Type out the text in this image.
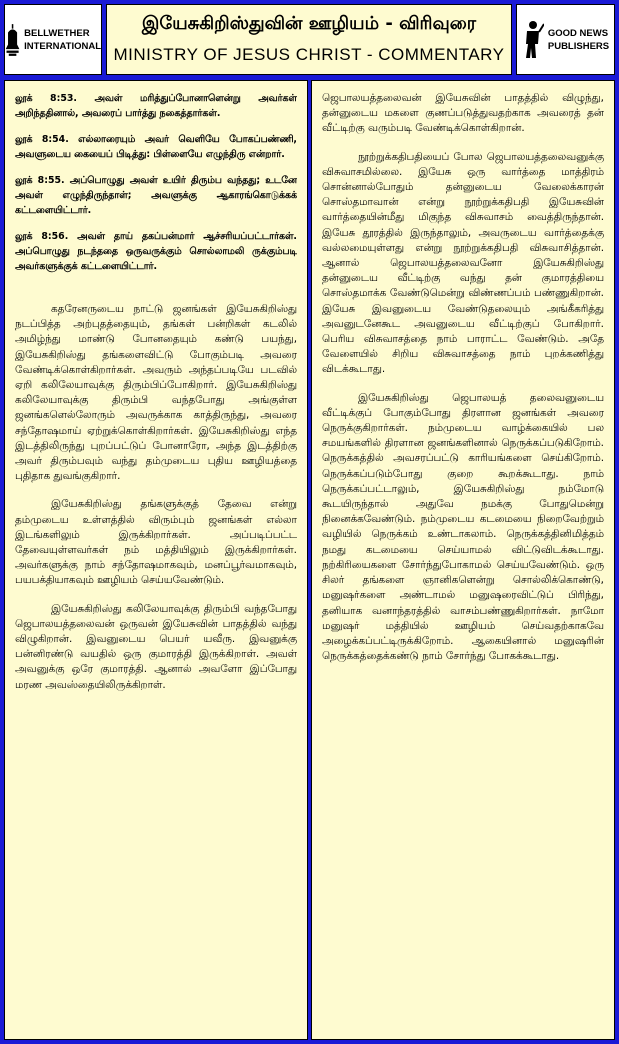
BELLWETHER
INTERNATIONAL
இயேசுகிறிஸ்துவின் ஊழியம் - விரிவுரை
MINISTRY OF JESUS CHRIST - COMMENTARY
GOOD NEWS
PUBLISHERS

லூக் 8:53. அவள் மரித்துப்போனாளென்று அவர்கள் அறிந்ததினால், அவரைப் பார்த்து நகைத்தார்கள்.

லூக் 8:54. எல்லாரையும் அவர் வெளியே போகப்பண்ணி, அவளுடைய கையைப் பிடித்து: பிள்ளையே எழுந்திரு என்றார்.

லூக் 8:55. அப்பொழுது அவள் உயிர் திரும்ப வந்தது; உடனே அவள் எழுந்திருந்தாள்; அவளுக்கு ஆகாரங்கொடுக்கக் கட்டளையிட்டார்.

லூக் 8:56. அவள் தாய் தகப்பன்மார் ஆச்சரியப்பட்டார்கள். அப்பொழுது நடந்ததை ஒருவருக்கும் சொல்லாமலி ருக்கும்படி அவர்களுக்குக் கட்டளையிட்டார்.

கதரேனருடைய நாட்டு ஜனங்கள் இயேசுகிறிஸ்து நடப்பித்த அற்புதத்தையும், தங்கள் பன்றிகள் கடலில் அமிழ்ந்து மாண்டு போனதையும் கண்டு பயந்து, இயேசுகிறிஸ்து தங்களைவிட்டு போகும்படி அவரை வேண்டிக்கொள்கிறார்கள். அவரும் அந்தப்படியே படவில் ஏறி கலிலேயாவுக்கு திரும்பிப்போகிறார். இயேசுகிறிஸ்து கலிலேயாவுக்கு திரும்பி வந்தபோது அங்குள்ள ஜனங்களெல்லோரும் அவருக்காக காத்திருந்து, அவரை சந்தோஷமாய் ஏற்றுக்கொள்கிறார்கள். இயேசுகிறிஸ்து எந்த இடத்திலிருந்து புறப்பட்டுப் போனாரோ, அந்த இடத்திற்கு அவர் திரும்பவும் வந்து தம்முடைய புதிய ஊழியத்தை புதிதாக துவங்குகிறார்.

இயேசுகிறிஸ்து தங்களுக்குத் தேவை என்று தம்முடைய உள்ளத்தில் விரும்பும் ஜனங்கள் எல்லா இடங்களிலும் இருக்கிறார்கள். அப்படிப்பட்ட தேவையுள்ளவர்கள் நம் மத்தியிலும் இருக்கிறார்கள். அவர்களுக்கு நாம் சந்தோஷமாகவும், மனப்பூர்வமாகவும், பயபக்தியாகவும் ஊழியம் செய்யவேண்டும்.

இயேசுகிறிஸ்து கலிலேயாவுக்கு திரும்பி வந்தபோது ஜெபாலயத்தலைவன் ஒருவன் இயேசுவின் பாதத்தில் வந்து விழுகிறான். இவனுடைய பெயர் யவீரு. இவனுக்கு பன்னிரண்டு வயதில் ஒரு குமாரத்தி இருக்கிறாள். அவள் அவனுக்கு ஒரே குமாரத்தி. ஆனால் அவளோ இப்போது மரண அவஸ்தையிலிருக்கிறாள்.

ஜெபாலயத்தலைவன் இயேசுவின் பாதத்தில் விழுந்து, தன்னுடைய மகளை குணப்படுத்துவதற்காக அவரைத் தன் வீட்டிற்கு வரும்படி வேண்டிக்கொள்கிறான்.

நூற்றுக்கதிபதியைப் போல ஜெபாலயத்தலைவனுக்கு விசுவாசமில்லை. இயேசு ஒரு வார்த்தை மாத்திரம் சொன்னால்போதும் தன்னுடைய வேலைக்காரன் சொஸ்தமாவான் என்று நூற்றுக்கதிபதி இயேசுவின் வார்த்தையின்மீது மிகுந்த விசுவாசம் வைத்திருந்தான். இயேசு தூரத்தில் இருந்தாலும், அவருடைய வார்த்தைக்கு வல்லமையுள்ளது என்று நூற்றுக்கதிபதி விசுவாசித்தான். ஆனால் ஜெபாலயத்தலைவனோ இயேசுகிறிஸ்து தன்னுடைய வீட்டிற்கு வந்து தன் குமாரத்தியை சொஸ்தமாக்க வேண்டுமென்று விண்ணப்பம் பண்ணுகிறான். இயேசு இவனுடைய வேண்டுதலையும் அங்கீகரித்து அவனுடனேகூட அவனுடைய வீட்டிற்குப் போகிறார். பெரிய விசுவாசத்தை நாம் பாராட்ட வேண்டும். அதே வேளையில் சிறிய விசுவாசத்தை நாம் புறக்கணித்து விடக்கூடாது.

இயேசுகிறிஸ்து ஜெபாலயத் தலைவனுடைய வீட்டிக்குப் போகும்போது திரளான ஜனங்கள் அவரை நெருக்குகிறார்கள். நம்முடைய வாழ்க்கையில் பல சமயங்களில் திரளான ஜனங்களினால் நெருக்கப்படுகிறோம். நெருக்கத்தில் அவசரப்பட்டு காரியங்களை செய்கிறோம். நெருக்கப்படும்போது குறை கூறக்கூடாது. நாம் நெருக்கப்பட்டாலும், இயேசுகிறிஸ்து நம்மோடு கூடயிருந்தால் அதுவே நமக்கு போதுமென்று நினைக்கவேண்டும். நம்முடைய கடமையை நிறைவேற்றும் வழியில் நெருக்கம் உண்டாகலாம். நெருக்கத்தினிமித்தம் நமது கடமையை செய்யாமல் விட்டுவிடக்கூடாது. நற்கிரியைகளை சோர்ந்துபோகாமல் செய்யவேண்டும். ஒரு சிலர் தங்களை ஞானிகளென்று சொல்லிக்கொண்டு, மனுஷர்களை அண்டாமல் மனுஷரைவிட்டுப் பிரிந்து, தனியாக வனாந்தரத்தில் வாசம்பண்ணுகிறார்கள். நாமோ மனுஷர் மத்தியில் ஊழியம் செய்வதற்காகவே அழைக்கப்பட்டிருக்கிறோம். ஆகையினால் மனுஷரின் நெருக்கத்தைக்கண்டு நாம் சோர்ந்து போகக்கூடாது.
